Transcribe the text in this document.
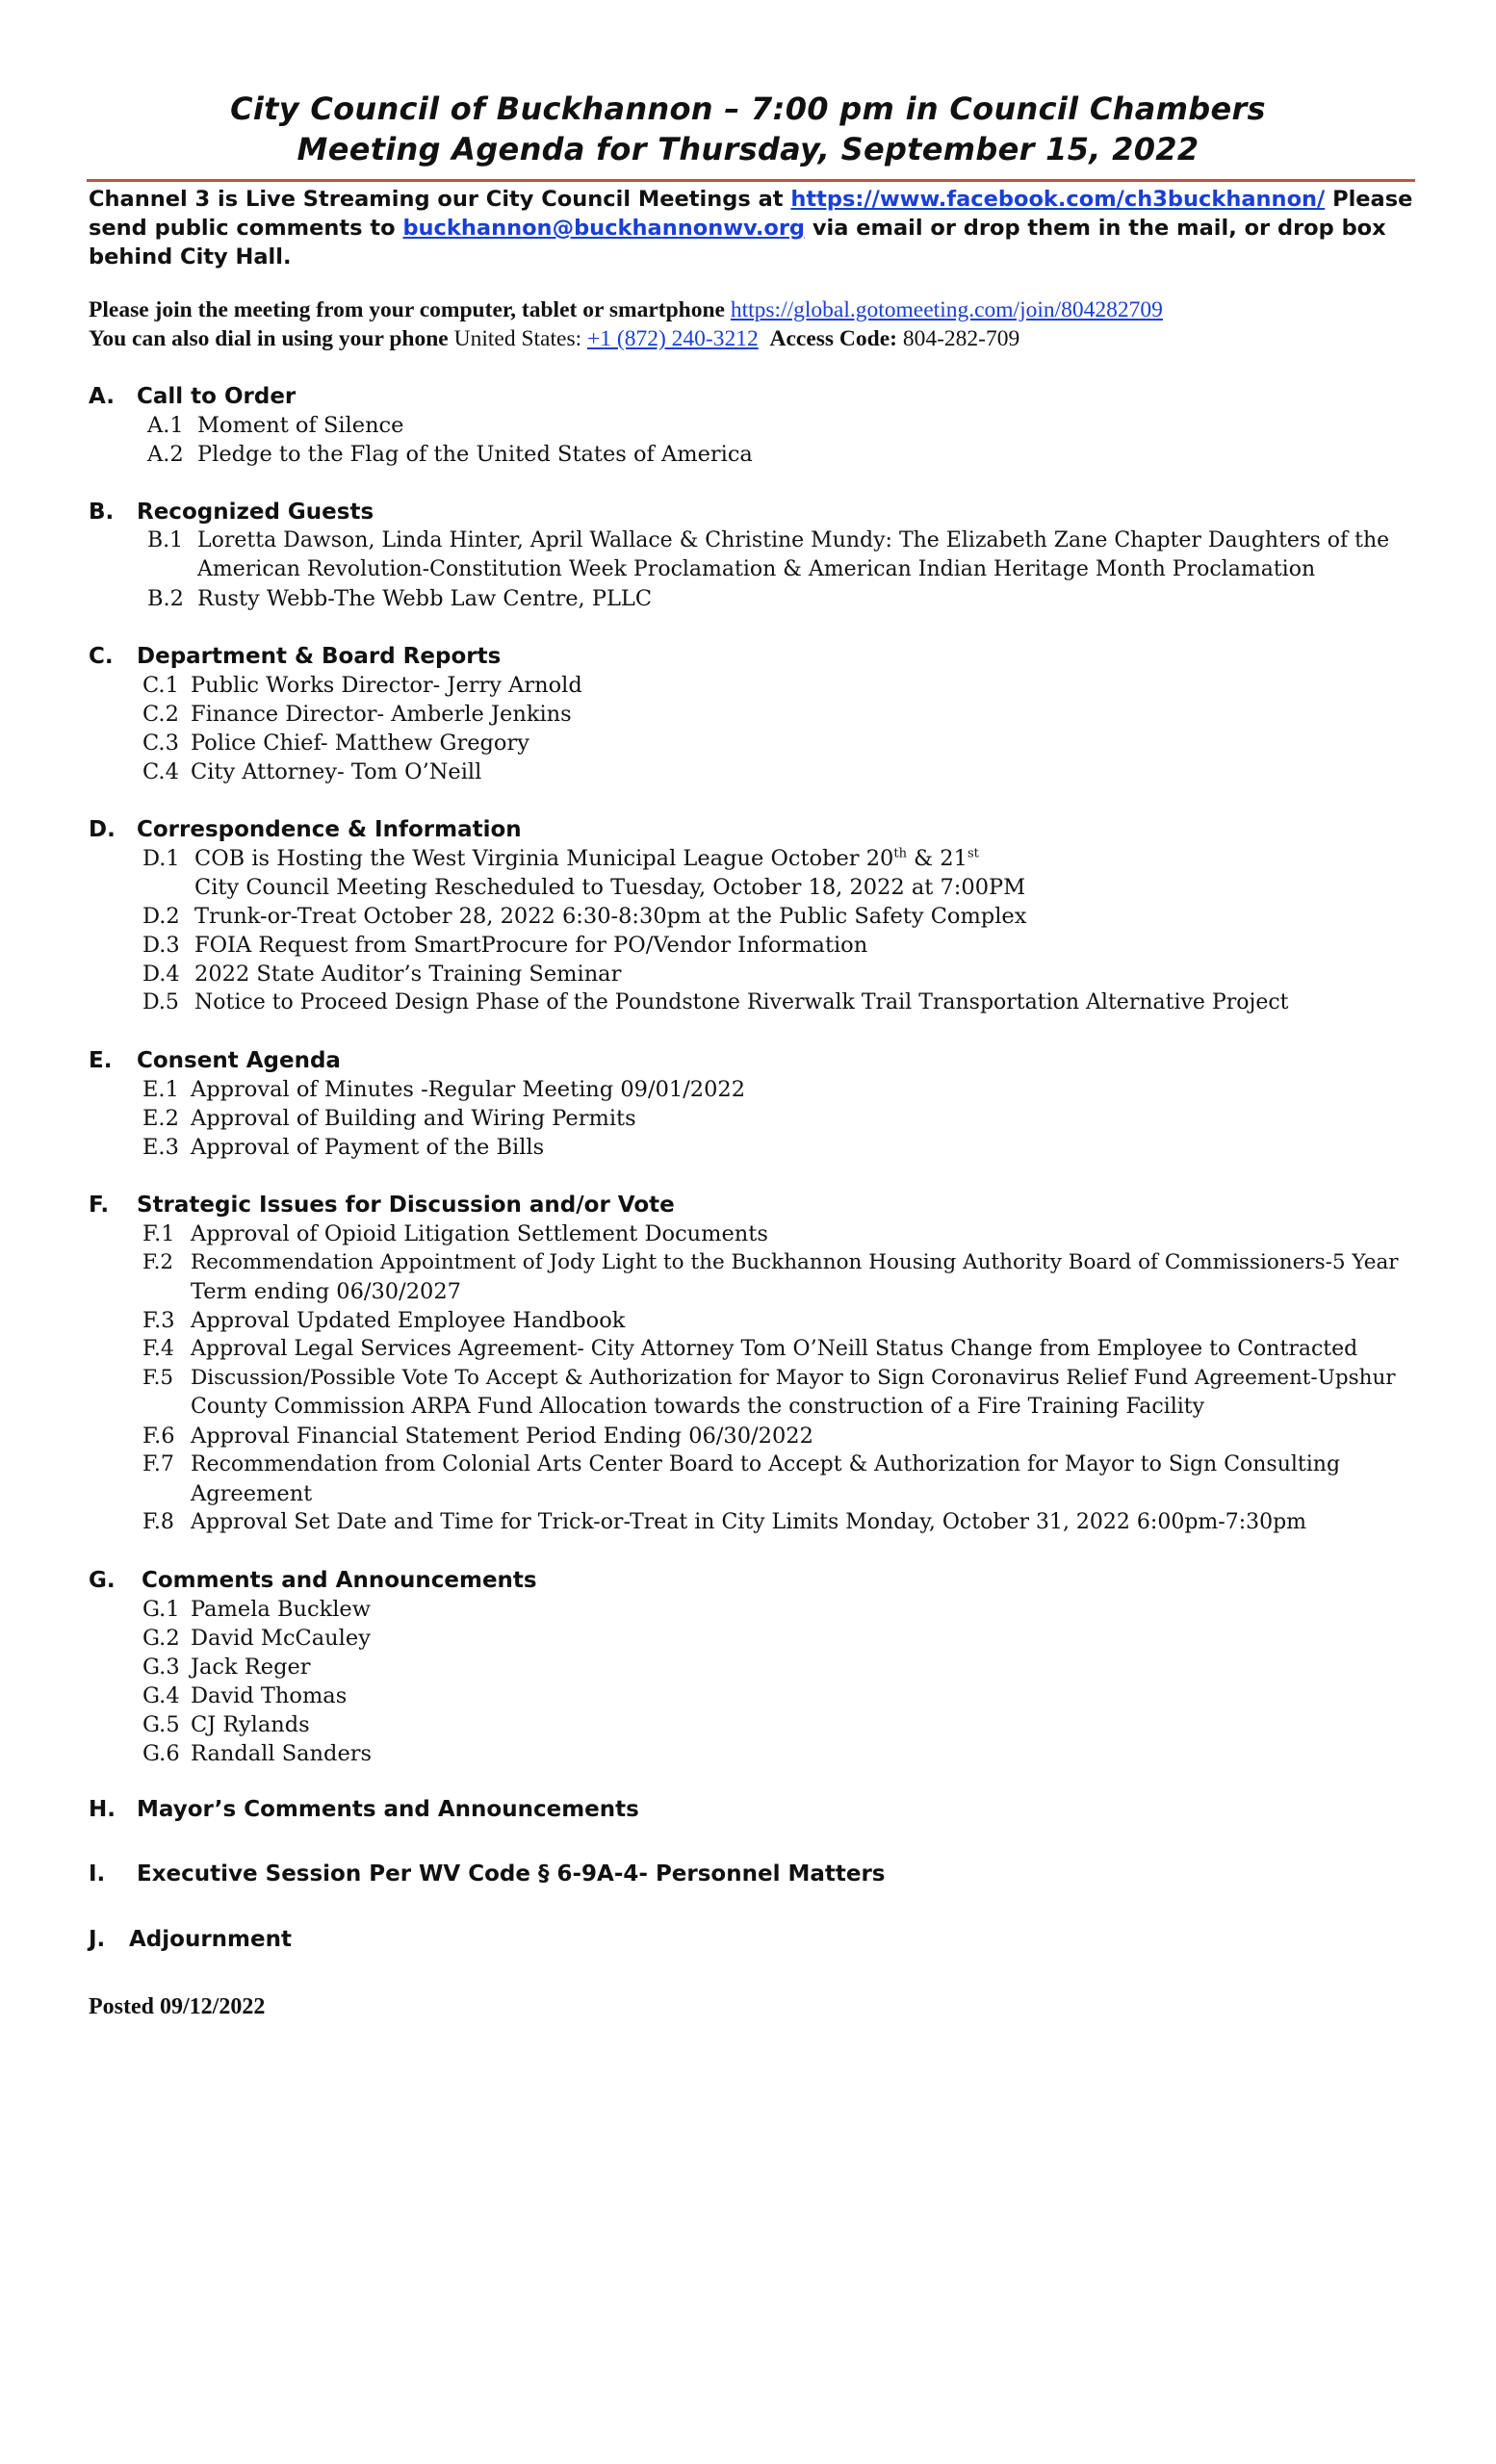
City Council of Buckhannon – 7:00 pm in Council Chambers
Meeting Agenda for Thursday, September 15, 2022
Channel 3 is Live Streaming our City Council Meetings at https://www.facebook.com/ch3buckhannon/ Please send public comments to buckhannon@buckhannonwv.org via email or drop them in the mail, or drop box behind City Hall.
Please join the meeting from your computer, tablet or smartphone https://global.gotomeeting.com/join/804282709
You can also dial in using your phone United States: +1 (872) 240-3212 Access Code: 804-282-709
A. Call to Order
A.1 Moment of Silence
A.2 Pledge to the Flag of the United States of America
B. Recognized Guests
B.1 Loretta Dawson, Linda Hinter, April Wallace & Christine Mundy: The Elizabeth Zane Chapter Daughters of the
American Revolution-Constitution Week Proclamation & American Indian Heritage Month Proclamation
B.2 Rusty Webb-The Webb Law Centre, PLLC
C. Department & Board Reports
C.1 Public Works Director- Jerry Arnold
C.2 Finance Director- Amberle Jenkins
C.3 Police Chief- Matthew Gregory
C.4 City Attorney- Tom O’Neill
D. Correspondence & Information
D.1 COB is Hosting the West Virginia Municipal League October 20th & 21st
City Council Meeting Rescheduled to Tuesday, October 18, 2022 at 7:00PM
D.2 Trunk-or-Treat October 28, 2022 6:30-8:30pm at the Public Safety Complex
D.3 FOIA Request from SmartProcure for PO/Vendor Information
D.4 2022 State Auditor’s Training Seminar
D.5 Notice to Proceed Design Phase of the Poundstone Riverwalk Trail Transportation Alternative Project
E. Consent Agenda
E.1 Approval of Minutes -Regular Meeting 09/01/2022
E.2 Approval of Building and Wiring Permits
E.3 Approval of Payment of the Bills
F. Strategic Issues for Discussion and/or Vote
F.1 Approval of Opioid Litigation Settlement Documents
F.2 Recommendation Appointment of Jody Light to the Buckhannon Housing Authority Board of Commissioners-5 Year
Term ending 06/30/2027
F.3 Approval Updated Employee Handbook
F.4 Approval Legal Services Agreement- City Attorney Tom O’Neill Status Change from Employee to Contracted
F.5 Discussion/Possible Vote To Accept & Authorization for Mayor to Sign Coronavirus Relief Fund Agreement-Upshur
County Commission ARPA Fund Allocation towards the construction of a Fire Training Facility
F.6 Approval Financial Statement Period Ending 06/30/2022
F.7 Recommendation from Colonial Arts Center Board to Accept & Authorization for Mayor to Sign Consulting
Agreement
F.8 Approval Set Date and Time for Trick-or-Treat in City Limits Monday, October 31, 2022 6:00pm-7:30pm
G. Comments and Announcements
G.1 Pamela Bucklew
G.2 David McCauley
G.3 Jack Reger
G.4 David Thomas
G.5 CJ Rylands
G.6 Randall Sanders
H. Mayor’s Comments and Announcements
I. Executive Session Per WV Code § 6-9A-4- Personnel Matters
J. Adjournment
Posted 09/12/2022
